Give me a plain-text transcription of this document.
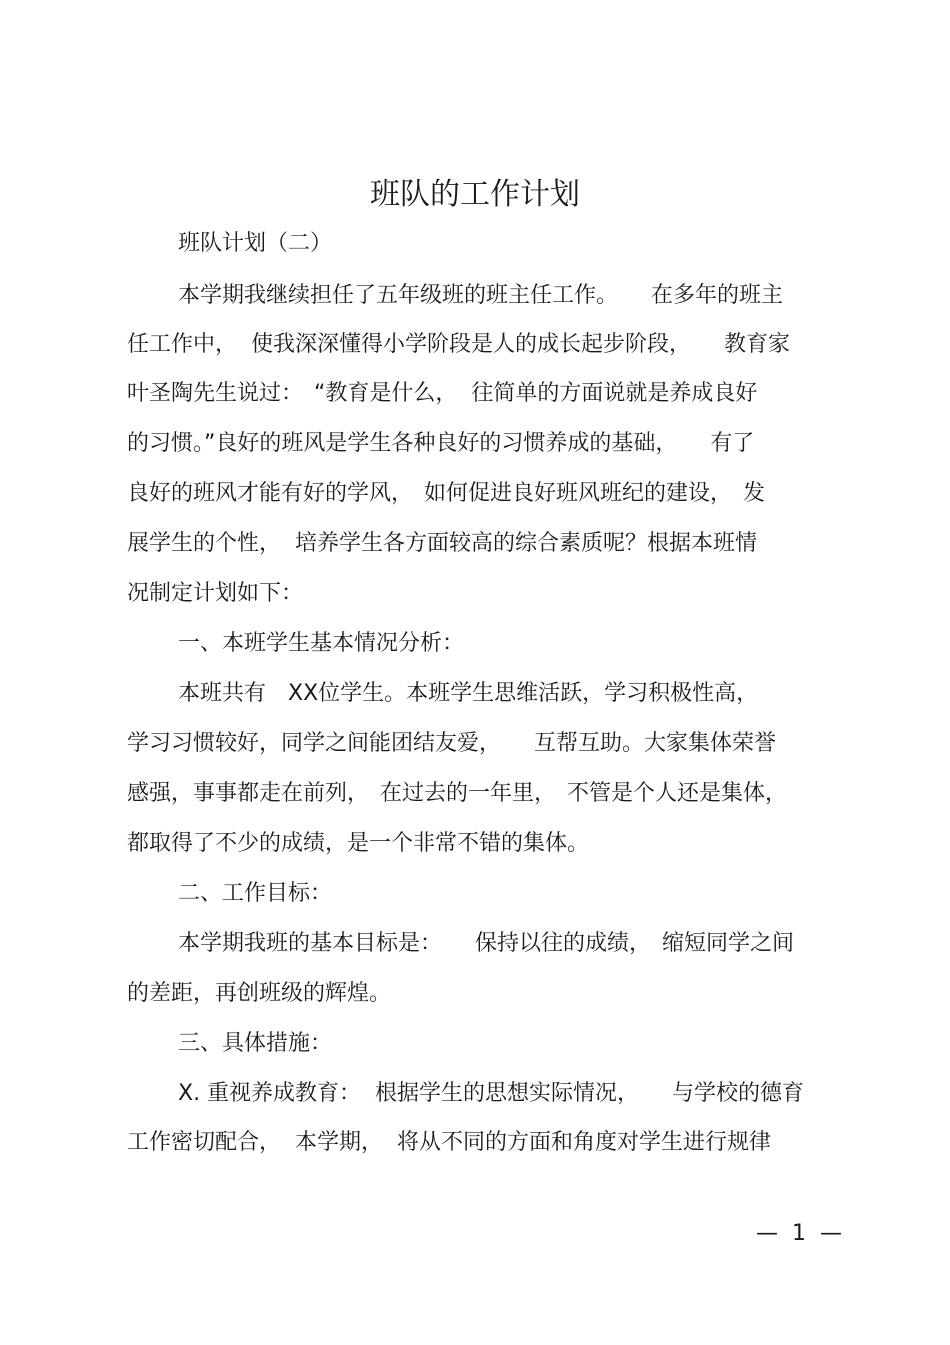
班队的工作计划

班队计划（二）

本学期我继续担任了五年级班的班主任工作。　　在多年的班主

任工作中，  使我深深懂得小学阶段是人的成长起步阶段，　　教育家

叶圣陶先生说过：　“教育是什么，  往简单的方面说就是养成良好

的习惯。”良好的班风是学生各种良好的习惯养成的基础，　　有了

良好的班风才能有好的学风，　如何促进良好班风班纪的建设，　发

展学生的个性，  培养学生各方面较高的综合素质呢？根据本班情

况制定计划如下：

一、本班学生基本情况分析：

本班共有　XX位学生。本班学生思维活跃，学习积极性高，

学习习惯较好，同学之间能团结友爱，　　互帮互助。大家集体荣誉

感强，事事都走在前列，　在过去的一年里，　不管是个人还是集体，

都取得了不少的成绩，是一个非常不错的集体。

二、工作目标：

本学期我班的基本目标是：　　保持以往的成绩，　缩短同学之间

的差距，再创班级的辉煌。

三、具体措施：

X. 重视养成教育：  根据学生的思想实际情况，　　与学校的德育

工作密切配合，  本学期，  将从不同的方面和角度对学生进行规律

—  1  —
